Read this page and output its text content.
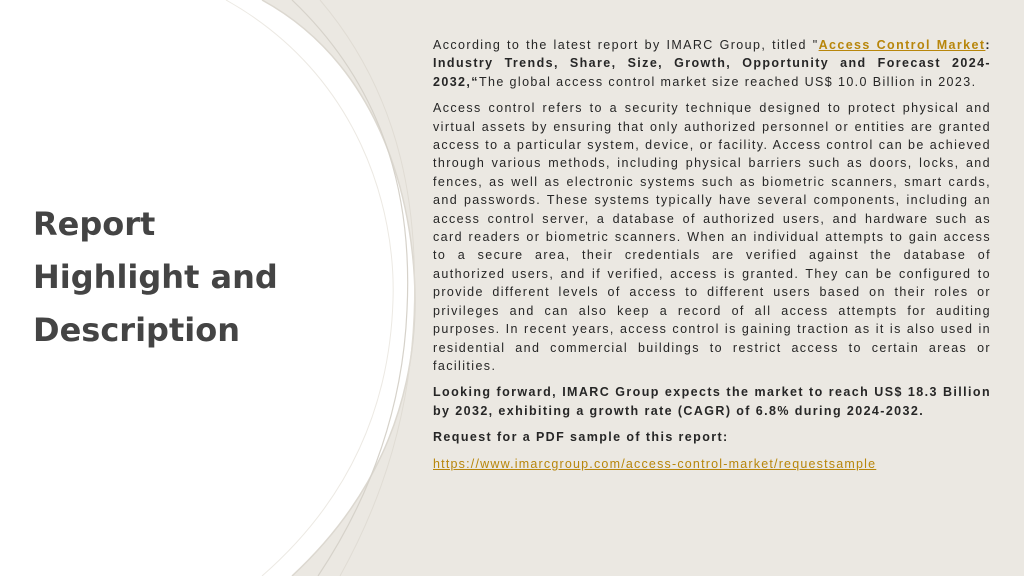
Report
Highlight and
Description

According to the latest report by IMARC Group, titled "Access Control Market: Industry Trends, Share, Size, Growth, Opportunity and Forecast 2024-2032,“The global access control market size reached US$ 10.0 Billion in 2023.

Access control refers to a security technique designed to protect physical and virtual assets by ensuring that only authorized personnel or entities are granted access to a particular system, device, or facility. Access control can be achieved through various methods, including physical barriers such as doors, locks, and fences, as well as electronic systems such as biometric scanners, smart cards, and passwords. These systems typically have several components, including an access control server, a database of authorized users, and hardware such as card readers or biometric scanners. When an individual attempts to gain access to a secure area, their credentials are verified against the database of authorized users, and if verified, access is granted. They can be configured to provide different levels of access to different users based on their roles or privileges and can also keep a record of all access attempts for auditing purposes. In recent years, access control is gaining traction as it is also used in residential and commercial buildings to restrict access to certain areas or facilities.

Looking forward, IMARC Group expects the market to reach US$ 18.3 Billion by 2032, exhibiting a growth rate (CAGR) of 6.8% during 2024-2032.

Request for a PDF sample of this report:

https://www.imarcgroup.com/access-control-market/requestsample
